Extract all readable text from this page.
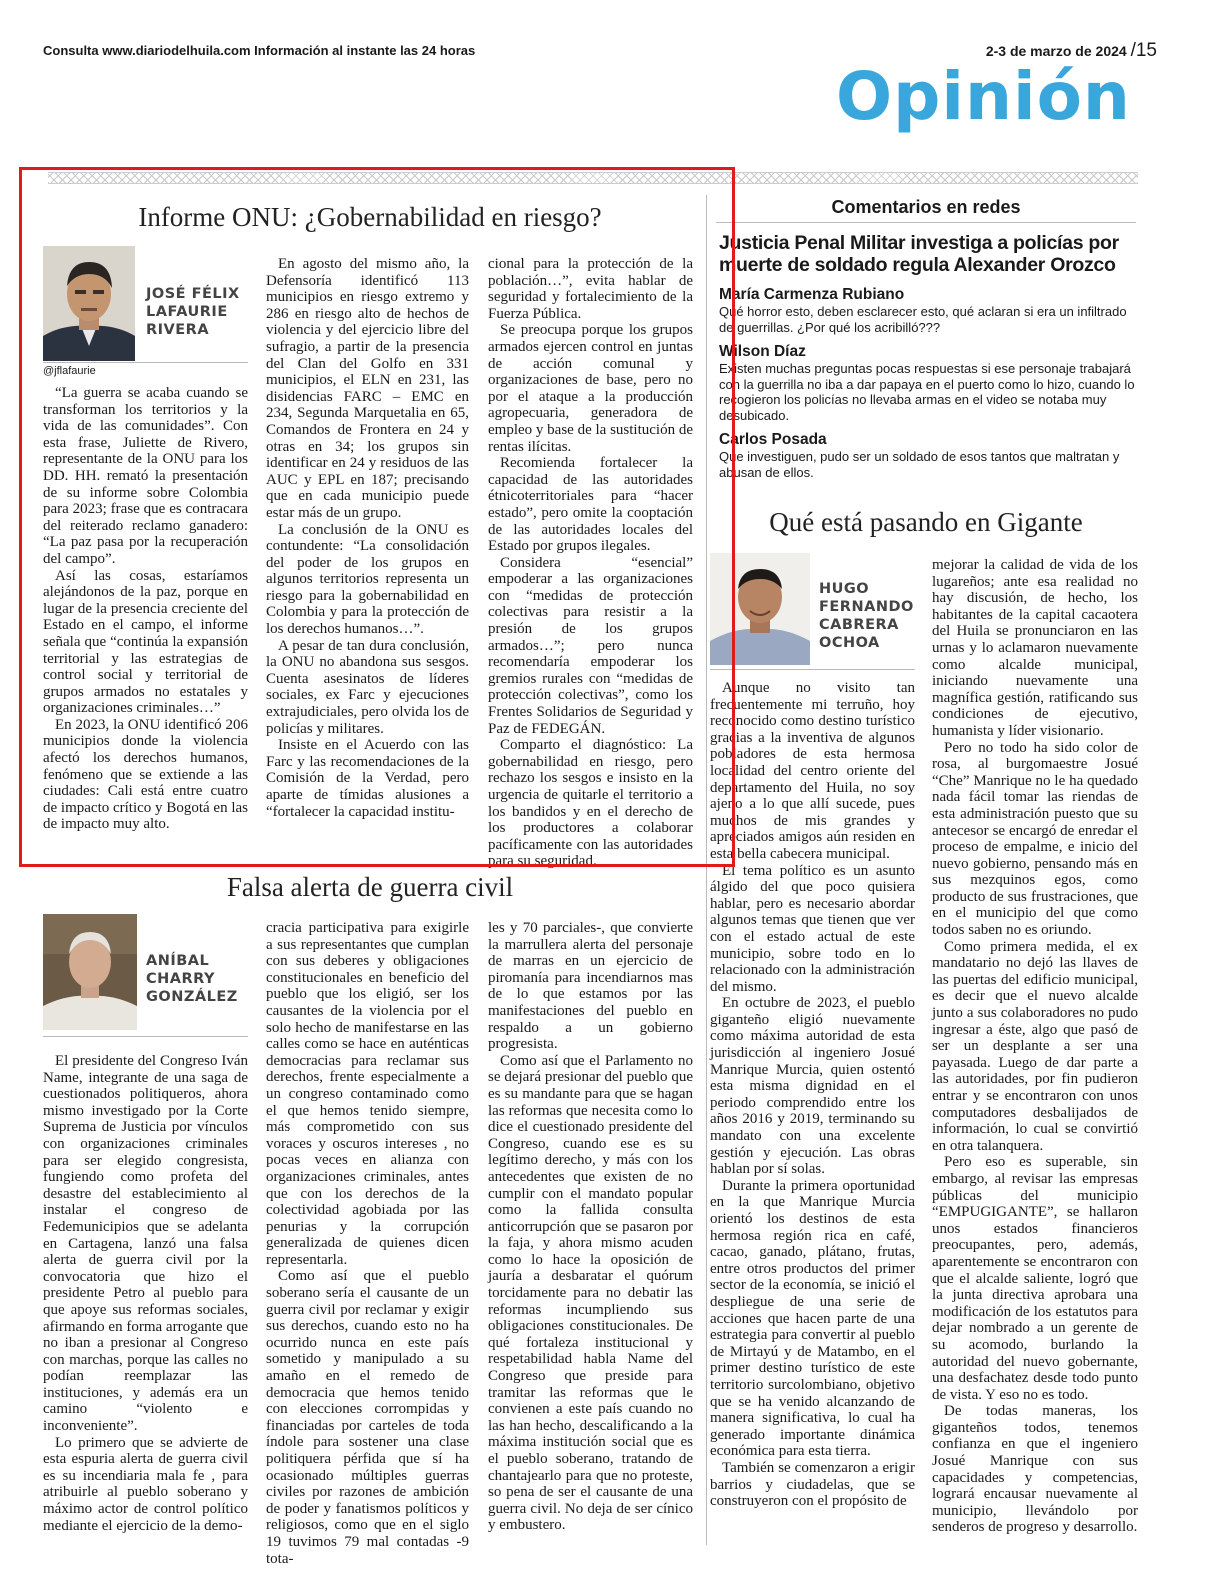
Consulta www.diariodelhuila.com Información al instante las 24 horas	2-3 de marzo de 2024 /15
Opinión
Informe ONU: ¿Gobernabilidad en riesgo?
JOSÉ FÉLIX
LAFAURIE
RIVERA
@jflafaurie

“La guerra se acaba cuando se transforman los territorios y la vida de las comunidades”. Con esta frase, Juliette de Rivero, representante de la ONU para los DD. HH. remató la presentación de su informe sobre Colombia para 2023; frase que es contracara del reiterado reclamo ganadero: “La paz pasa por la recuperación del campo”.

Así las cosas, estaríamos alejándonos de la paz, porque en lugar de la presencia creciente del Estado en el campo, el informe señala que “continúa la expansión territorial y las estrategias de control social y territorial de grupos armados no estatales y organizaciones criminales…”

En 2023, la ONU identificó 206 municipios donde la violencia afectó los derechos humanos, fenómeno que se extiende a las ciudades: Cali está entre cuatro de impacto crítico y Bogotá en las de impacto muy alto.

En agosto del mismo año, la Defensoría identificó 113 municipios en riesgo extremo y 286 en riesgo alto de hechos de violencia y del ejercicio libre del sufragio, a partir de la presencia del Clan del Golfo en 331 municipios, el ELN en 231, las disidencias FARC – EMC en 234, Segunda Marquetalia en 65, Comandos de Frontera en 24 y otras en 34; los grupos sin identificar en 24 y residuos de las AUC y EPL en 187; precisando que en cada municipio puede estar más de un grupo.

La conclusión de la ONU es contundente: “La consolidación del poder de los grupos en algunos territorios representa un riesgo para la gobernabilidad en Colombia y para la protección de los derechos humanos…”.

A pesar de tan dura conclusión, la ONU no abandona sus sesgos. Cuenta asesinatos de líderes sociales, ex Farc y ejecuciones extrajudiciales, pero olvida los de policías y militares.

Insiste en el Acuerdo con las Farc y las recomendaciones de la Comisión de la Verdad, pero aparte de tímidas alusiones a “fortalecer la capacidad institu-

cional para la protección de la población…”, evita hablar de seguridad y fortalecimiento de la Fuerza Pública.

Se preocupa porque los grupos armados ejercen control en juntas de acción comunal y organizaciones de base, pero no por el ataque a la producción agropecuaria, generadora de empleo y base de la sustitución de rentas ilícitas.

Recomienda fortalecer la capacidad de las autoridades étnicoterritoriales para “hacer estado”, pero omite la cooptación de las autoridades locales del Estado por grupos ilegales.

Considera “esencial” empoderar a las organizaciones con “medidas de protección colectivas para resistir a la presión de los grupos armados…”; pero nunca recomendaría empoderar los gremios rurales con “medidas de protección colectivas”, como los Frentes Solidarios de Seguridad y Paz de FEDEGÁN.

Comparto el diagnóstico: La gobernabilidad en riesgo, pero rechazo los sesgos e insisto en la urgencia de quitarle el territorio a los bandidos y en el derecho de los productores a colaborar pacíficamente con las autoridades para su seguridad.

Comentarios en redes
Justicia Penal Militar investiga a policías por muerte de soldado regula Alexander Orozco
María Carmenza Rubiano
Qué horror esto, deben esclarecer esto, qué aclaran si era un infiltrado de guerrillas. ¿Por qué los acribilló???
Wilson Díaz
Existen muchas preguntas pocas respuestas si ese personaje trabajará con la guerrilla no iba a dar papaya en el puerto como lo hizo, cuando lo recogieron los policías no llevaba armas en el video se notaba muy desubicado.
Carlos Posada
Que investiguen, pudo ser un soldado de esos tantos que maltratan y abusan de ellos.
Qué está pasando en Gigante
HUGO
FERNANDO
CABRERA
OCHOA

Aunque no visito tan frecuentemente mi terruño, hoy reconocido como destino turístico gracias a la inventiva de algunos pobladores de esta hermosa localidad del centro oriente del departamento del Huila, no soy ajeno a lo que allí sucede, pues muchos de mis grandes y apreciados amigos aún residen en esta bella cabecera municipal.

El tema político es un asunto álgido del que poco quisiera hablar, pero es necesario abordar algunos temas que tienen que ver con el estado actual de este municipio, sobre todo en lo relacionado con la administración del mismo.

En octubre de 2023, el pueblo giganteño eligió nuevamente como máxima autoridad de esta jurisdicción al ingeniero Josué Manrique Murcia, quien ostentó esta misma dignidad en el periodo comprendido entre los años 2016 y 2019, terminando su mandato con una excelente gestión y ejecución. Las obras hablan por sí solas.

Durante la primera oportunidad en la que Manrique Murcia orientó los destinos de esta hermosa región rica en café, cacao, ganado, plátano, frutas, entre otros productos del primer sector de la economía, se inició el despliegue de una serie de acciones que hacen parte de una estrategia para convertir al pueblo de Mirtayú y de Matambo, en el primer destino turístico de este territorio surcolombiano, objetivo que se ha venido alcanzando de manera significativa, lo cual ha generado importante dinámica económica para esta tierra.

También se comenzaron a erigir barrios y ciudadelas, que se construyeron con el propósito de

mejorar la calidad de vida de los lugareños; ante esa realidad no hay discusión, de hecho, los habitantes de la capital cacaotera del Huila se pronunciaron en las urnas y lo aclamaron nuevamente como alcalde municipal, iniciando nuevamente una magnífica gestión, ratificando sus condiciones de ejecutivo, humanista y líder visionario.

Pero no todo ha sido color de rosa, al burgomaestre Josué “Che” Manrique no le ha quedado nada fácil tomar las riendas de esta administración puesto que su antecesor se encargó de enredar el proceso de empalme, e inicio del nuevo gobierno, pensando más en sus mezquinos egos, como producto de sus frustraciones, que en el municipio del que como todos saben no es oriundo.

Como primera medida, el ex mandatario no dejó las llaves de las puertas del edificio municipal, es decir que el nuevo alcalde junto a sus colaboradores no pudo ingresar a éste, algo que pasó de ser un desplante a ser una payasada. Luego de dar parte a las autoridades, por fin pudieron entrar y se encontraron con unos computadores desbalijados de información, lo cual se convirtió en otra talanquera.

Pero eso es superable, sin embargo, al revisar las empresas públicas del municipio “EMPUGIGANTE”, se hallaron unos estados financieros preocupantes, pero, además, aparentemente se encontraron con que el alcalde saliente, logró que la junta directiva aprobara una modificación de los estatutos para dejar nombrado a un gerente de su acomodo, burlando la autoridad del nuevo gobernante, una desfachatez desde todo punto de vista. Y eso no es todo.

De todas maneras, los giganteños todos, tenemos confianza en que el ingeniero Josué Manrique con sus capacidades y competencias, logrará encausar nuevamente al municipio, llevándolo por senderos de progreso y desarrollo.

Falsa alerta de guerra civil
ANÍBAL
CHARRY
GONZÁLEZ

El presidente del Congreso Iván Name, integrante de una saga de cuestionados politiqueros, ahora mismo investigado por la Corte Suprema de Justicia por vínculos con organizaciones criminales para ser elegido congresista, fungiendo como profeta del desastre del establecimiento al instalar el congreso de Fedemunicipios que se adelanta en Cartagena, lanzó una falsa alerta de guerra civil por la convocatoria que hizo el presidente Petro al pueblo para que apoye sus reformas sociales, afirmando en forma arrogante que no iban a presionar al Congreso con marchas, porque las calles no podían reemplazar las instituciones, y además era un camino “violento e inconveniente”.

Lo primero que se advierte de esta espuria alerta de guerra civil es su incendiaria mala fe , para atribuirle al pueblo soberano y máximo actor de control político mediante el ejercicio de la demo-

cracia participativa para exigirle a sus representantes que cumplan con sus deberes y obligaciones constitucionales en beneficio del pueblo que los eligió, ser los causantes de la violencia por el solo hecho de manifestarse en las calles como se hace en auténticas democracias para reclamar sus derechos, frente especialmente a un congreso contaminado como el que hemos tenido siempre, más comprometido con sus voraces y oscuros intereses , no pocas veces en alianza con organizaciones criminales, antes que con los derechos de la colectividad agobiada por las penurias y la corrupción generalizada de quienes dicen representarla.

Como así que el pueblo soberano sería el causante de un guerra civil por reclamar y exigir sus derechos, cuando esto no ha ocurrido nunca en este país sometido y manipulado a su amaño en el remedo de democracia que hemos tenido con elecciones corrompidas y financiadas por carteles de toda índole para sostener una clase politiquera pérfida que sí ha ocasionado múltiples guerras civiles por razones de ambición de poder y fanatismos políticos y religiosos, como que en el siglo 19 tuvimos 79 mal contadas -9 tota-

les y 70 parciales-, que convierte la marrullera alerta del personaje de marras en un ejercicio de piromanía para incendiarnos mas de lo que estamos por las manifestaciones del pueblo en respaldo a un gobierno progresista.

Como así que el Parlamento no se dejará presionar del pueblo que es su mandante para que se hagan las reformas que necesita como lo dice el cuestionado presidente del Congreso, cuando ese es su legítimo derecho, y más con los antecedentes que existen de no cumplir con el mandato popular como la fallida consulta anticorrupción que se pasaron por la faja, y ahora mismo acuden como lo hace la oposición de jauría a desbaratar el quórum torcidamente para no debatir las reformas incumpliendo sus obligaciones constitucionales. De qué fortaleza institucional y respetabilidad habla Name del Congreso que preside para tramitar las reformas que le convienen a este país cuando no las han hecho, descalificando a la máxima institución social que es el pueblo soberano, tratando de chantajearlo para que no proteste, so pena de ser el causante de una guerra civil. No deja de ser cínico y embustero.
